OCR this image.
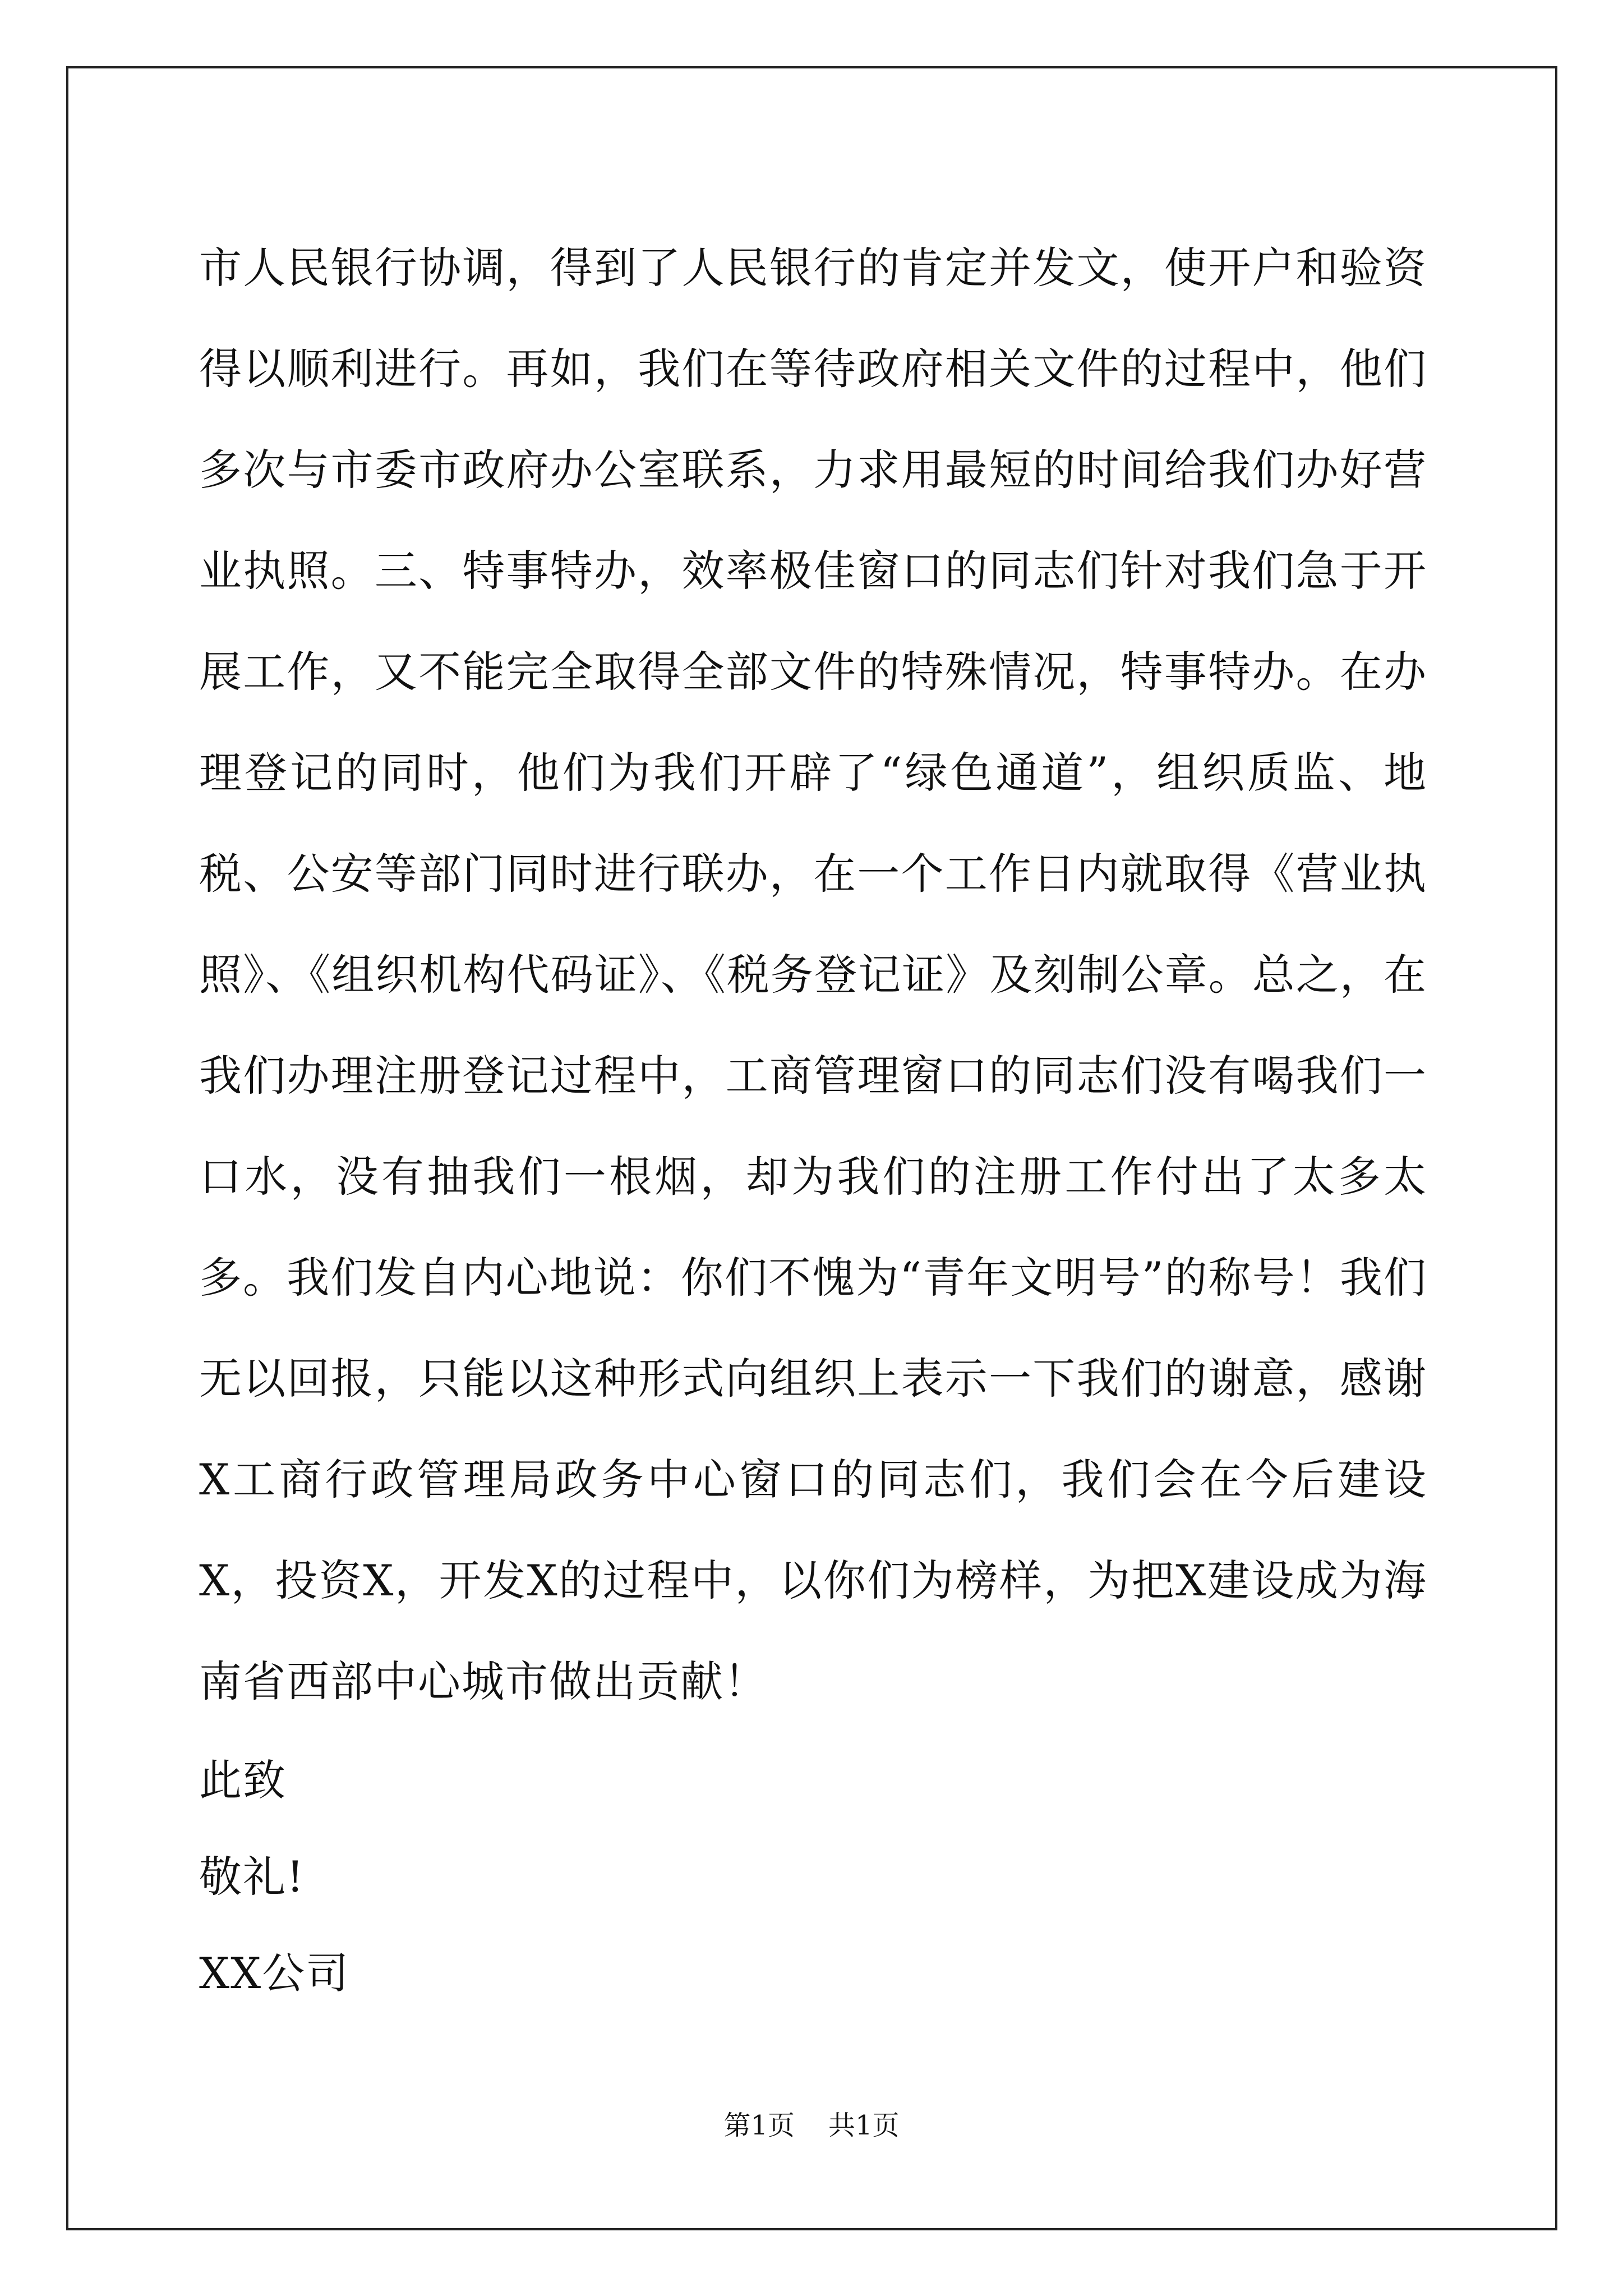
市人民银行协调，得到了人民银行的肯定并发文，使开户和验资得以顺利进行。再如，我们在等待政府相关文件的过程中，他们多次与市委市政府办公室联系，力求用最短的时间给我们办好营业执照。三、特事特办，效率极佳窗口的同志们针对我们急于开展工作，又不能完全取得全部文件的特殊情况，特事特办。在办理登记的同时，他们为我们开辟了“绿色通道”，组织质监、地税、公安等部门同时进行联办，在一个工作日内就取得《营业执照》、《组织机构代码证》、《税务登记证》及刻制公章。总之，在我们办理注册登记过程中，工商管理窗口的同志们没有喝我们一口水，没有抽我们一根烟，却为我们的注册工作付出了太多太多。我们发自内心地说：你们不愧为“青年文明号”的称号！我们无以回报，只能以这种形式向组织上表示一下我们的谢意，感谢X工商行政管理局政务中心窗口的同志们，我们会在今后建设X，投资X，开发X的过程中，以你们为榜样，为把X建设成为海南省西部中心城市做出贡献！

此致

敬礼!

XX公司

第1页 共1页
